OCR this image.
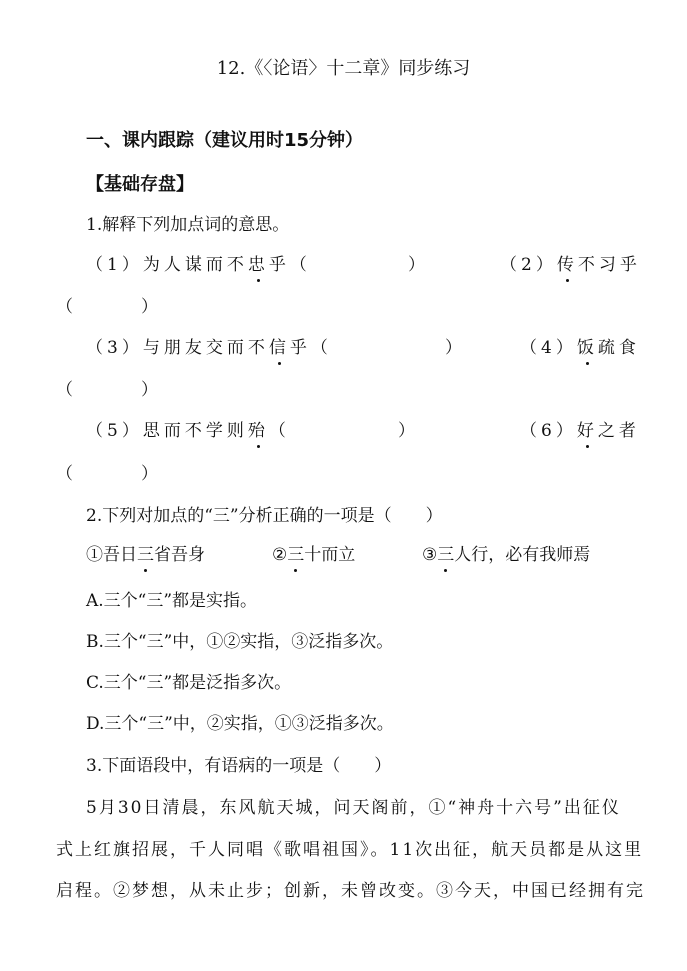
12.《〈论语〉十二章》同步练习
一、课内跟踪（建议用时15分钟）
【基础存盘】
1.解释下列加点词的意思。
（1）为人谋而不忠乎（	）	（2）传不习乎
（　　　　）
（3）与朋友交而不信乎（	）	（4）饭疏食
（　　　　）
（5）思而不学则殆（	）	（6）好之者
（　　　　）
2.下列对加点的“三”分析正确的一项是（　　）
①吾日三省吾身	②三十而立	③三人行，必有我师焉
A.三个“三”都是实指。
B.三个“三”中，①②实指，③泛指多次。
C.三个“三”都是泛指多次。
D.三个“三”中，②实指，①③泛指多次。
3.下面语段中，有语病的一项是（　　）
5月30日清晨，东风航天城，问天阁前，①“神舟十六号”出征仪
式上红旗招展，千人同唱《歌唱祖国》。11次出征，航天员都是从这里
启程。②梦想，从未止步；创新，未曾改变。③今天，中国已经拥有完
